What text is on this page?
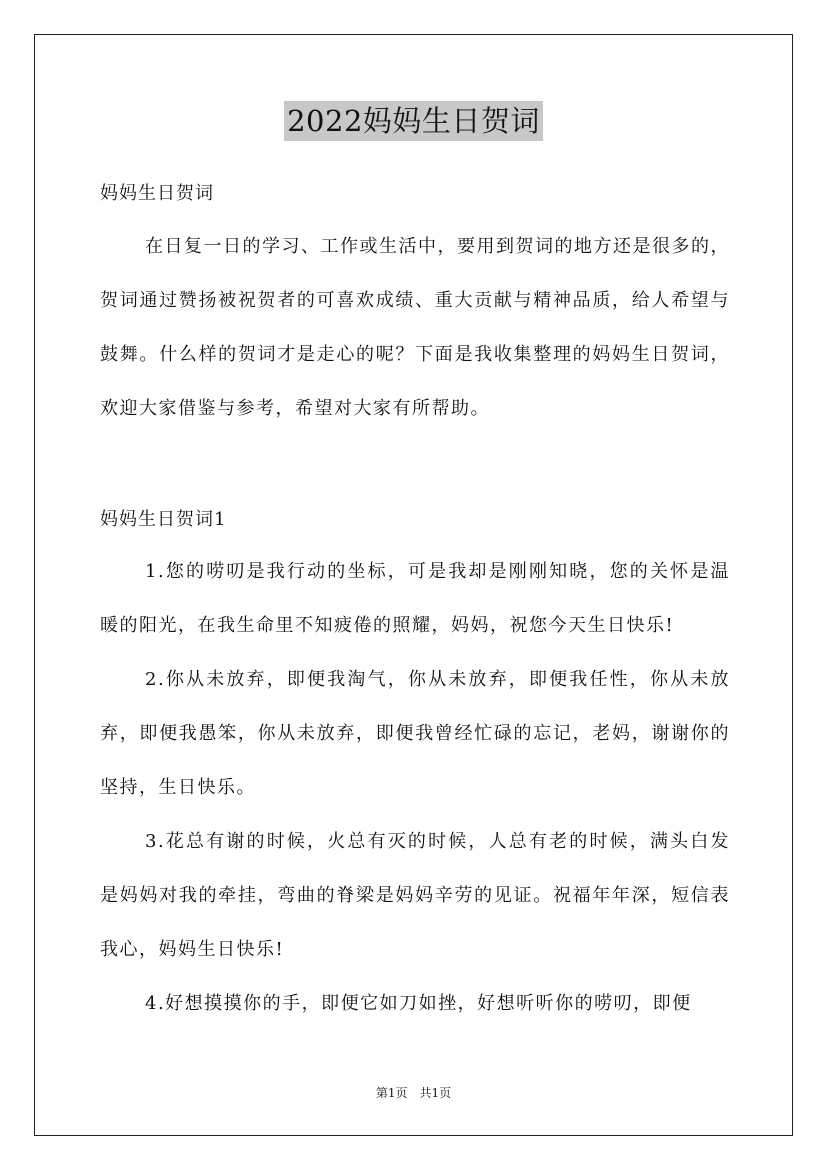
2022妈妈生日贺词
妈妈生日贺词

在日复一日的学习、工作或生活中，要用到贺词的地方还是很多的，贺词通过赞扬被祝贺者的可喜欢成绩、重大贡献与精神品质，给人希望与鼓舞。什么样的贺词才是走心的呢？下面是我收集整理的妈妈生日贺词，欢迎大家借鉴与参考，希望对大家有所帮助。

妈妈生日贺词1

1.您的唠叨是我行动的坐标，可是我却是刚刚知晓，您的关怀是温暖的阳光，在我生命里不知疲倦的照耀，妈妈，祝您今天生日快乐!

2.你从未放弃，即便我淘气，你从未放弃，即便我任性，你从未放弃，即便我愚笨，你从未放弃，即便我曾经忙碌的忘记，老妈，谢谢你的坚持，生日快乐。

3.花总有谢的时候，火总有灭的时候，人总有老的时候，满头白发是妈妈对我的牵挂，弯曲的脊梁是妈妈辛劳的见证。祝福年年深，短信表我心，妈妈生日快乐!

4.好想摸摸你的手，即便它如刀如挫，好想听听你的唠叨，即便

第1页　共1页
